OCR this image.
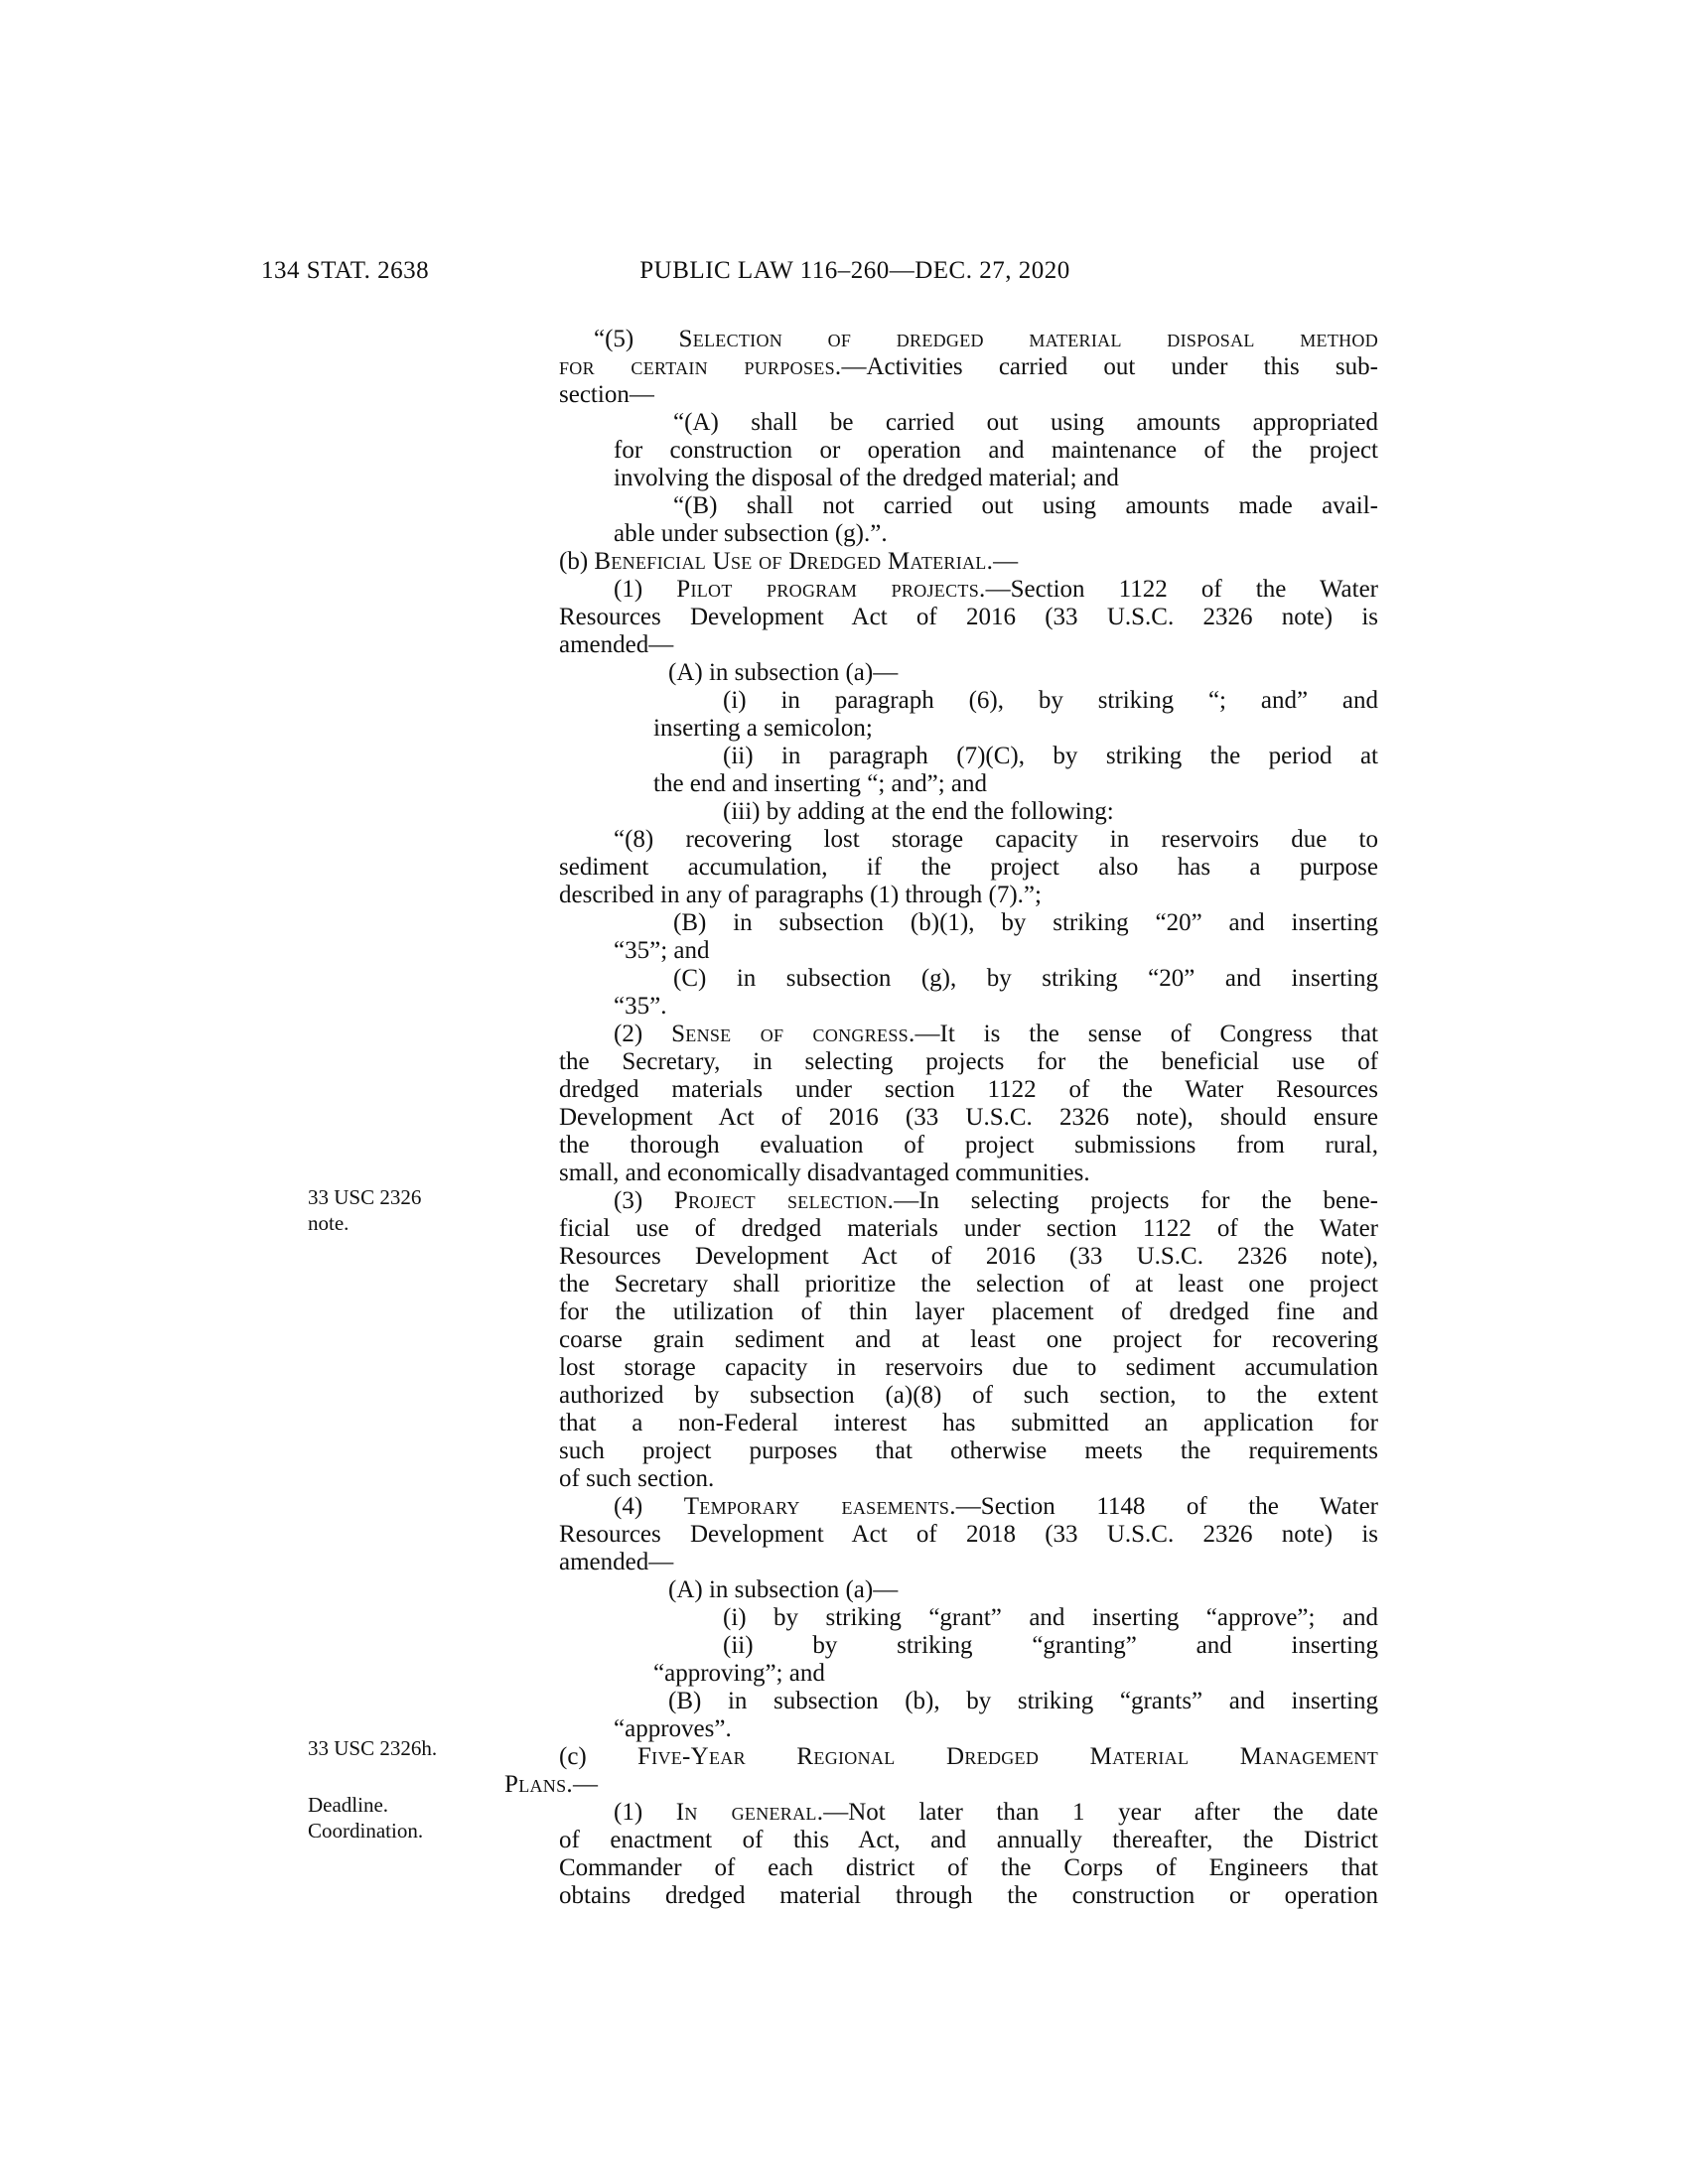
134 STAT. 2638	PUBLIC LAW 116–260—DEC. 27, 2020
“(5) Selection of dredged material disposal method
for certain purposes.—Activities carried out under this sub-
section—
“(A) shall be carried out using amounts appropriated
for construction or operation and maintenance of the project
involving the disposal of the dredged material; and
“(B) shall not carried out using amounts made avail-
able under subsection (g).”.
(b) Beneficial Use of Dredged Material.—
(1) Pilot program projects.—Section 1122 of the Water
Resources Development Act of 2016 (33 U.S.C. 2326 note) is
amended—
(A) in subsection (a)—
(i) in paragraph (6), by striking “; and” and
inserting a semicolon;
(ii) in paragraph (7)(C), by striking the period at
the end and inserting “; and”; and
(iii) by adding at the end the following:
“(8) recovering lost storage capacity in reservoirs due to
sediment accumulation, if the project also has a purpose
described in any of paragraphs (1) through (7).”;
(B) in subsection (b)(1), by striking “20” and inserting
“35”; and
(C) in subsection (g), by striking “20” and inserting
“35”.
(2) Sense of congress.—It is the sense of Congress that
the Secretary, in selecting projects for the beneficial use of
dredged materials under section 1122 of the Water Resources
Development Act of 2016 (33 U.S.C. 2326 note), should ensure
the thorough evaluation of project submissions from rural,
small, and economically disadvantaged communities.
(3) Project selection.—In selecting projects for the bene-
ficial use of dredged materials under section 1122 of the Water
Resources Development Act of 2016 (33 U.S.C. 2326 note),
the Secretary shall prioritize the selection of at least one project
for the utilization of thin layer placement of dredged fine and
coarse grain sediment and at least one project for recovering
lost storage capacity in reservoirs due to sediment accumulation
authorized by subsection (a)(8) of such section, to the extent
that a non-Federal interest has submitted an application for
such project purposes that otherwise meets the requirements
of such section.
(4) Temporary easements.—Section 1148 of the Water
Resources Development Act of 2018 (33 U.S.C. 2326 note) is
amended—
(A) in subsection (a)—
(i) by striking “grant” and inserting “approve”; and
(ii) by striking “granting” and inserting
“approving”; and
(B) in subsection (b), by striking “grants” and inserting
“approves”.
(c) Five-Year Regional Dredged Material Management
Plans.—
(1) In general.—Not later than 1 year after the date
of enactment of this Act, and annually thereafter, the District
Commander of each district of the Corps of Engineers that
obtains dredged material through the construction or operation
33 USC 2326
note.
33 USC 2326h.
Deadline.
Coordination.
